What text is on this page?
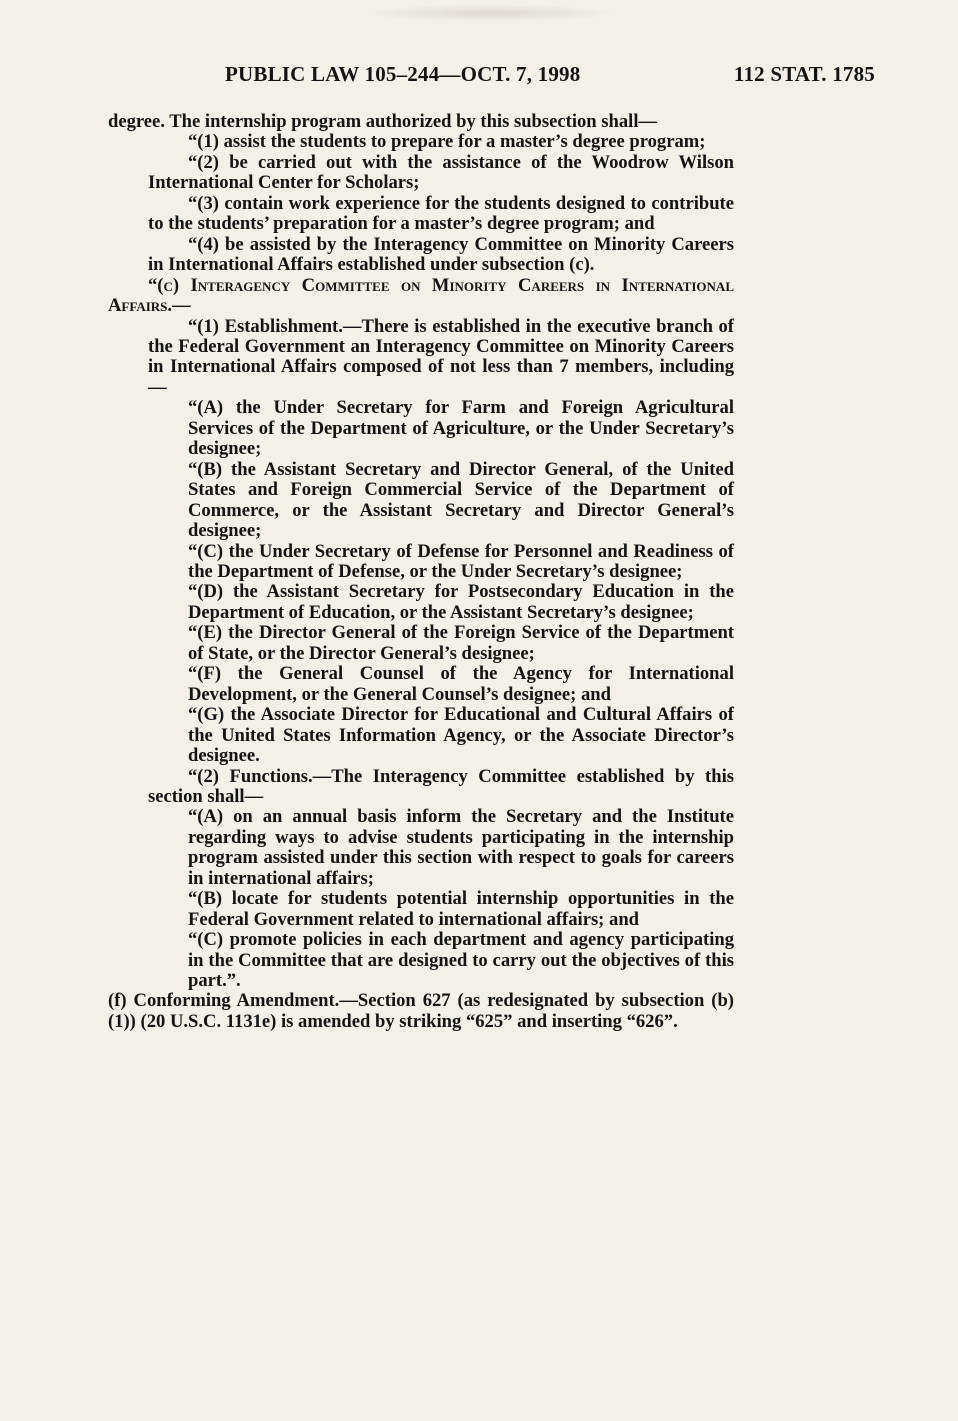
PUBLIC LAW 105–244—OCT. 7, 1998	112 STAT. 1785

degree. The internship program authorized by this subsection shall—

“(1) assist the students to prepare for a master’s degree program;

“(2) be carried out with the assistance of the Woodrow Wilson International Center for Scholars;

“(3) contain work experience for the students designed to contribute to the students’ preparation for a master’s degree program; and

“(4) be assisted by the Interagency Committee on Minority Careers in International Affairs established under subsection (c).

“(c) Interagency Committee on Minority Careers in International Affairs.—

“(1) Establishment.—There is established in the executive branch of the Federal Government an Interagency Committee on Minority Careers in International Affairs composed of not less than 7 members, including—

“(A) the Under Secretary for Farm and Foreign Agricultural Services of the Department of Agriculture, or the Under Secretary’s designee;

“(B) the Assistant Secretary and Director General, of the United States and Foreign Commercial Service of the Department of Commerce, or the Assistant Secretary and Director General’s designee;

“(C) the Under Secretary of Defense for Personnel and Readiness of the Department of Defense, or the Under Secretary’s designee;

“(D) the Assistant Secretary for Postsecondary Education in the Department of Education, or the Assistant Secretary’s designee;

“(E) the Director General of the Foreign Service of the Department of State, or the Director General’s designee;

“(F) the General Counsel of the Agency for International Development, or the General Counsel’s designee; and

“(G) the Associate Director for Educational and Cultural Affairs of the United States Information Agency, or the Associate Director’s designee.

“(2) Functions.—The Interagency Committee established by this section shall—

“(A) on an annual basis inform the Secretary and the Institute regarding ways to advise students participating in the internship program assisted under this section with respect to goals for careers in international affairs;

“(B) locate for students potential internship opportunities in the Federal Government related to international affairs; and

“(C) promote policies in each department and agency participating in the Committee that are designed to carry out the objectives of this part.”.

(f) Conforming Amendment.—Section 627 (as redesignated by subsection (b)(1)) (20 U.S.C. 1131e) is amended by striking “625” and inserting “626”.
